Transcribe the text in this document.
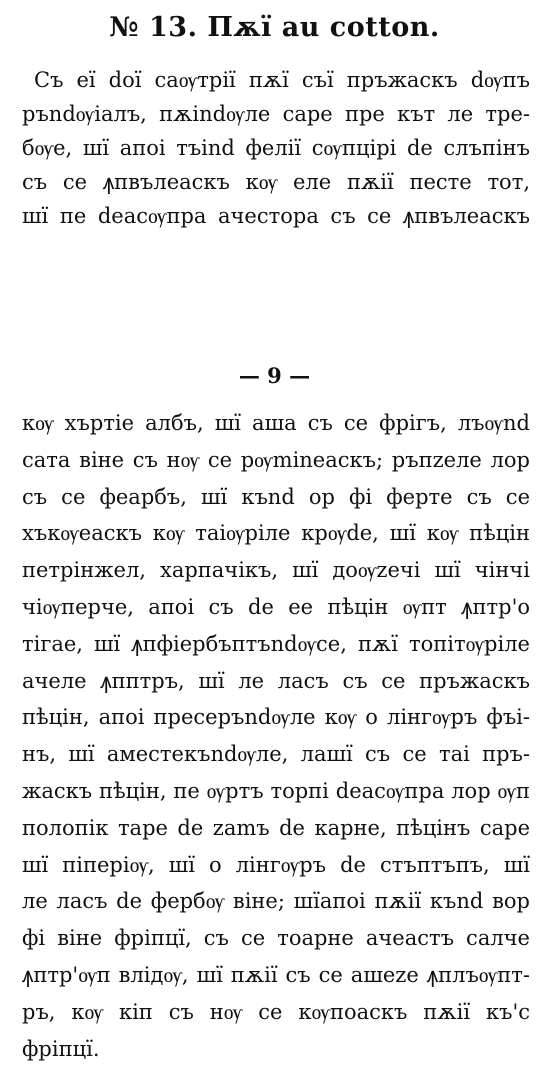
№ 13. Пѫї au cotton.
Съ еї doї саѹтріï пѫї съї пръжаскъ dѹпъ
ръndѹіалъ, пѫіndѹле саре пре кът ле тре-
бѹе, шї апоі тъind фелії сѹпцірі de слъпінъ
съ се ꙟпвълеаскъ кѹ еле пѫії пeсте тот,
шї пе deасѹпра ачестора съ се ꙟпвълеаскъ
— 9 —
кѹ хъртіе албъ, шї аша съ се фрігъ, лъѹnd
сата віне съ нѹ се рѹmineаскъ; ръпzеле лор
съ се феарбъ, шї къnd ор фі ферте съ се
хъкѹеаскъ кѹ таіѹріле крѹde, шї кѹ пѣцін
петрінжел, харпачікъ, шї доѹzечі шї чінчі
чіѹперче, апоі съ de ее пѣцін ѹпт ꙟптр'о
тігае, шї ꙟпфіербъптъndѹсе, пѫї топітѹріле
ачеле ꙟпптръ, шї ле ласъ съ се пръжаскъ
пѣцін, апоі пресеръndѹле кѹ о лінгѹръ фъі-
нъ, шї аместекъndѹле, лашї съ се таі пръ-
жаскъ пѣцін, пе ѹртъ торпі deасѹпра лор ѹп
полопік таре de zamъ de карне, пѣцінъ саре
шї піперіѹ, шї о лінгѹръ de стъптъпъ, шї
ле ласъ de фербѹ віне; шїапоі пѫії къnd вор
фі віне фріпцї, съ се тоарне ачеастъ салче
ꙟптр'ѹп влідѹ, шї пѫії съ се ашеzе ꙟплъѹпт-
ръ, кѹ кіп съ нѹ се кѹпоаскъ пѫії къ'с
фріпцї.
